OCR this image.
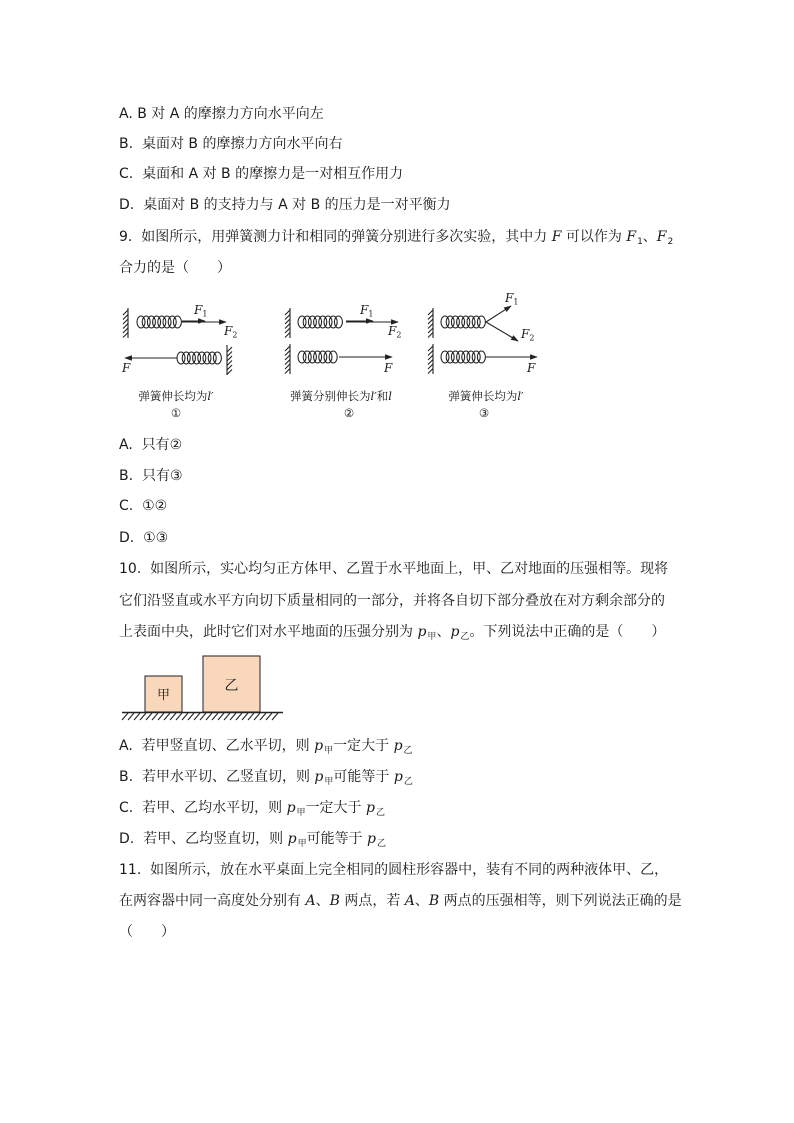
A. B 对 A 的摩擦力方向水平向左
B.  桌面对 B 的摩擦力方向水平向右
C.  桌面和 A 对 B 的摩擦力是一对相互作用力
D.  桌面对 B 的支持力与 A 对 B 的压力是一对平衡力
9.  如图所示，用弹簧测力计和相同的弹簧分别进行多次实验，其中力 F 可以作为 $F_1$、$F_2$
合力的是（　　）
$F_1$
$F_2$
F
弹簧伸长均为l′
①
$F_1$
$F_2$
F
弹簧分别伸长为l′和l
②
$F_1$
$F_2$
F
弹簧伸长均为l′
③
A.  只有②
B.  只有③
C.  ①②
D.  ①③
10.  如图所示，实心均匀正方体甲、乙置于水平地面上，甲、乙对地面的压强相等。现将
它们沿竖直或水平方向切下质量相同的一部分，并将各自切下部分叠放在对方剩余部分的
上表面中央，此时它们对水平地面的压强分别为 $p_甲$、$p_乙$。下列说法中正确的是（　　）
甲
乙
A.  若甲竖直切、乙水平切，则 $p_甲$一定大于 $p_乙$
B.  若甲水平切、乙竖直切，则 $p_甲$可能等于 $p_乙$
C.  若甲、乙均水平切，则 $p_甲$一定大于 $p_乙$
D.  若甲、乙均竖直切，则 $p_甲$可能等于 $p_乙$
11.  如图所示，放在水平桌面上完全相同的圆柱形容器中，装有不同的两种液体甲、乙，
在两容器中同一高度处分别有 A、B 两点，若 A、B 两点的压强相等，则下列说法正确的是
（　　）
